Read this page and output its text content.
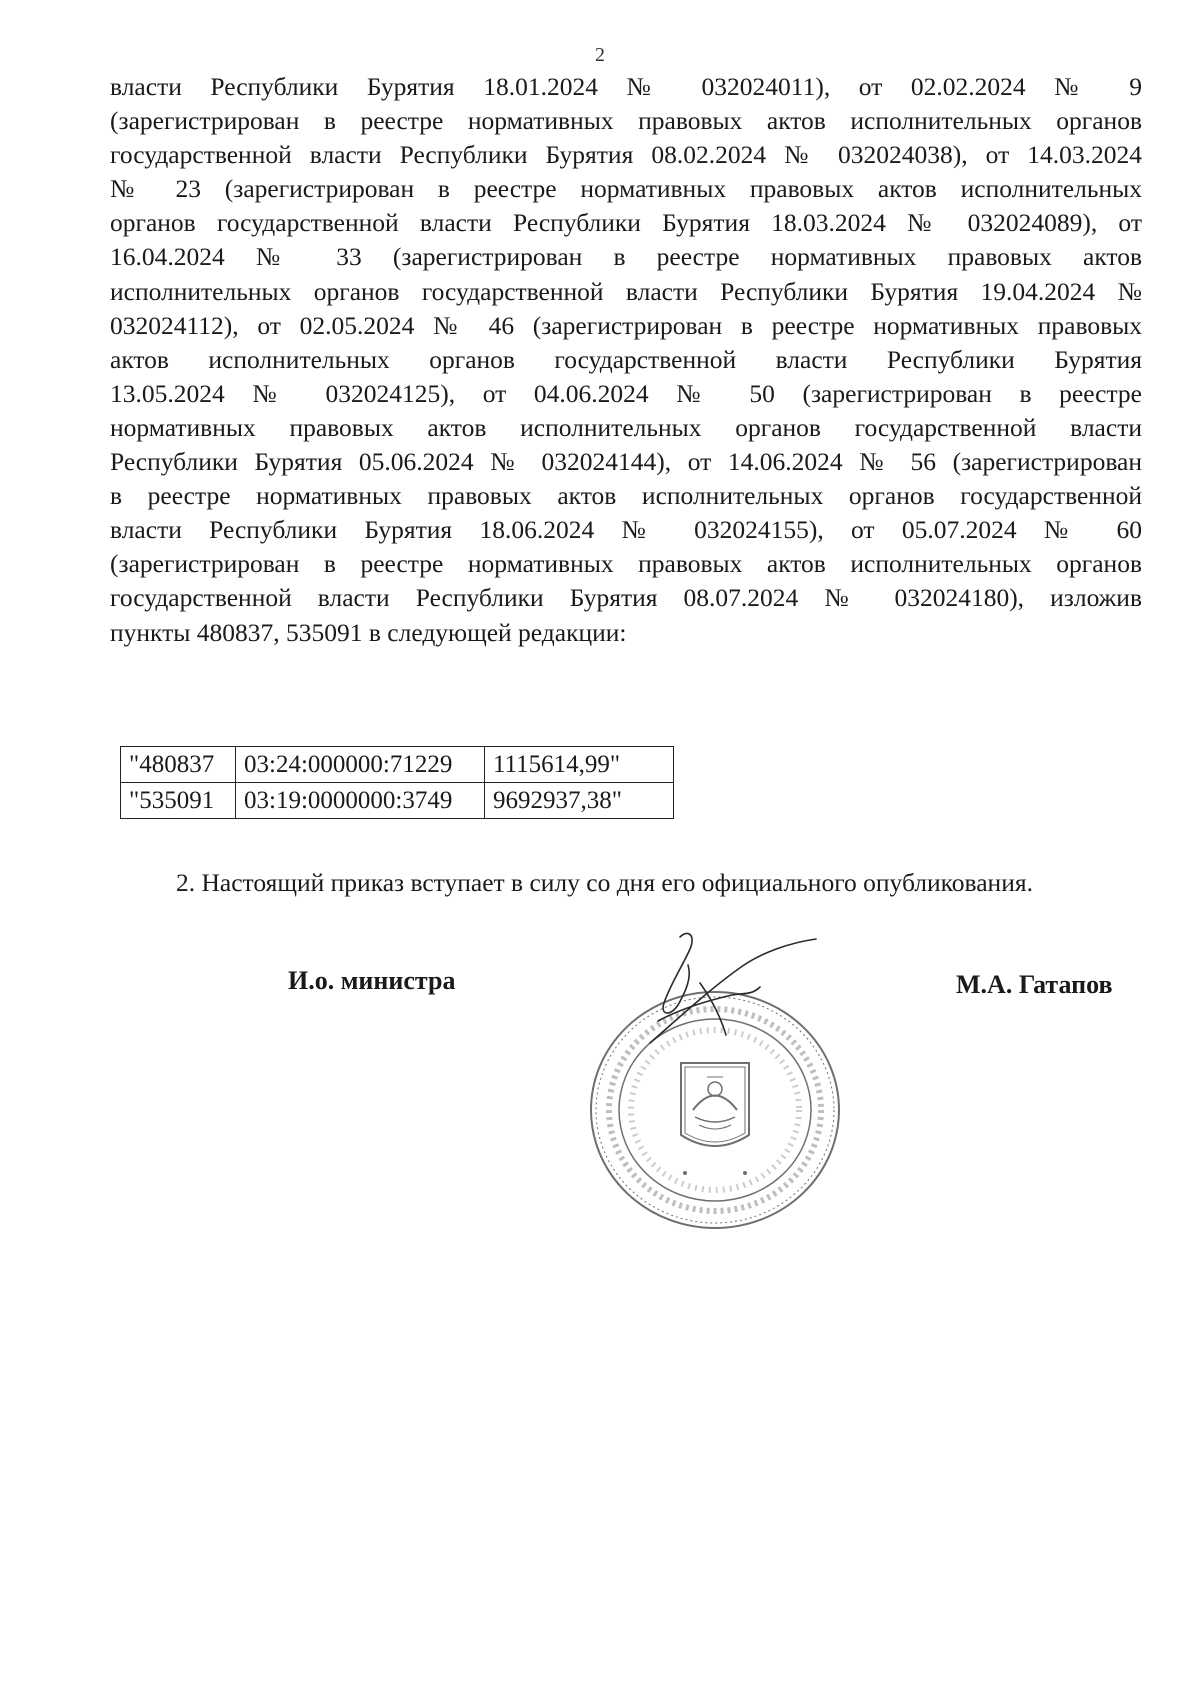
2
власти Республики Бурятия 18.01.2024 № 032024011), от 02.02.2024 № 9
(зарегистрирован в реестре нормативных правовых актов исполнительных органов
государственной власти Республики Бурятия 08.02.2024 № 032024038), от 14.03.2024
№ 23 (зарегистрирован в реестре нормативных правовых актов исполнительных
органов государственной власти Республики Бурятия 18.03.2024 № 032024089), от
16.04.2024 № 33 (зарегистрирован в реестре нормативных правовых актов
исполнительных органов государственной власти Республики Бурятия 19.04.2024 №
032024112), от 02.05.2024 № 46 (зарегистрирован в реестре нормативных правовых
актов исполнительных органов государственной власти Республики Бурятия
13.05.2024 № 032024125), от 04.06.2024 № 50 (зарегистрирован в реестре
нормативных правовых актов исполнительных органов государственной власти
Республики Бурятия 05.06.2024 № 032024144), от 14.06.2024 № 56 (зарегистрирован
в реестре нормативных правовых актов исполнительных органов государственной
власти Республики Бурятия 18.06.2024 № 032024155), от 05.07.2024 № 60
(зарегистрирован в реестре нормативных правовых актов исполнительных органов
государственной власти Республики Бурятия 08.07.2024 № 032024180), изложив
пункты 480837, 535091 в следующей редакции:
"480837	03:24:000000:71229	1115614,99"
"535091	03:19:0000000:3749	9692937,38"
2. Настоящий приказ вступает в силу со дня его официального опубликования.
И.о. министра	М.А. Гатапов
